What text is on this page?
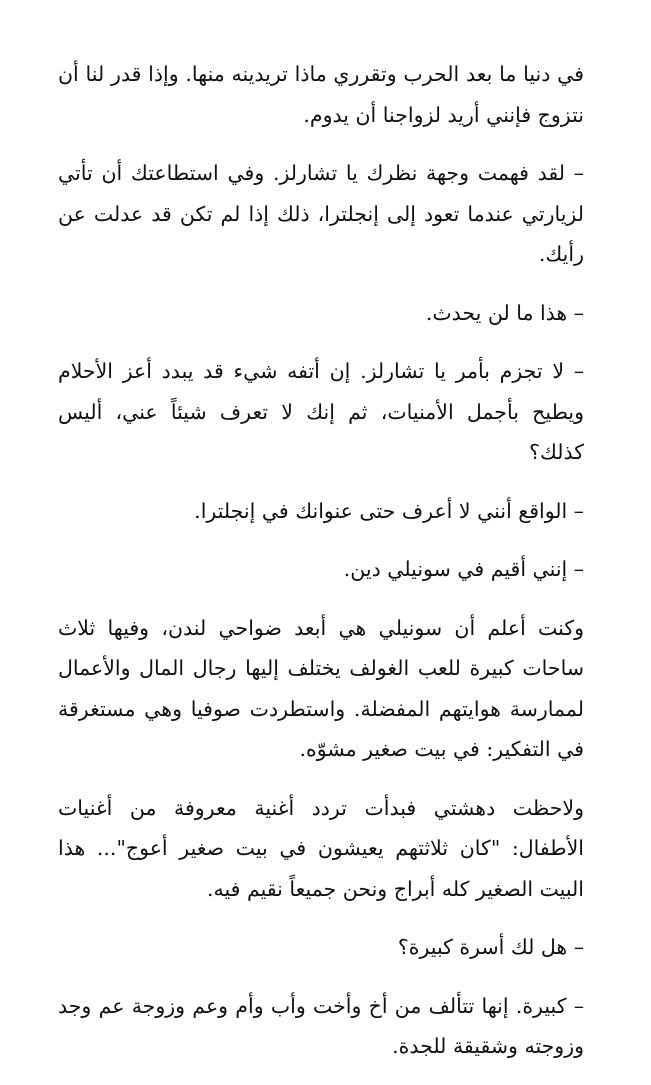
في دنيا ما بعد الحرب وتقرري ماذا تريدينه منها. وإذا قدر لنا أن نتزوج فإنني أريد لزواجنا أن يدوم.

– لقد فهمت وجهة نظرك يا تشارلز. وفي استطاعتك أن تأتي لزيارتي عندما تعود إلى إنجلترا، ذلك إذا لم تكن قد عدلت عن رأيك.

– هذا ما لن يحدث.

– لا تجزم بأمر يا تشارلز. إن أتفه شيء قد يبدد أعز الأحلام ويطيح بأجمل الأمنيات، ثم إنك لا تعرف شيئاً عني، أليس كذلك؟

– الواقع أنني لا أعرف حتى عنوانك في إنجلترا.

– إنني أقيم في سونيلي دين.

وكنت أعلم أن سونيلي هي أبعد ضواحي لندن، وفيها ثلاث ساحات كبيرة للعب الغولف يختلف إليها رجال المال والأعمال لممارسة هوايتهم المفضلة. واستطردت صوفيا وهي مستغرقة في التفكير: في بيت صغير مشوّه.

ولاحظت دهشتي فبدأت تردد أغنية معروفة من أغنيات الأطفال: "كان ثلاثتهم يعيشون في بيت صغير أعوج"... هذا البيت الصغير كله أبراج ونحن جميعاً نقيم فيه.

– هل لك أسرة كبيرة؟

– كبيرة. إنها تتألف من أخ وأخت وأب وأم وعم وزوجة عم وجد وزوجته وشقيقة للجدة.
